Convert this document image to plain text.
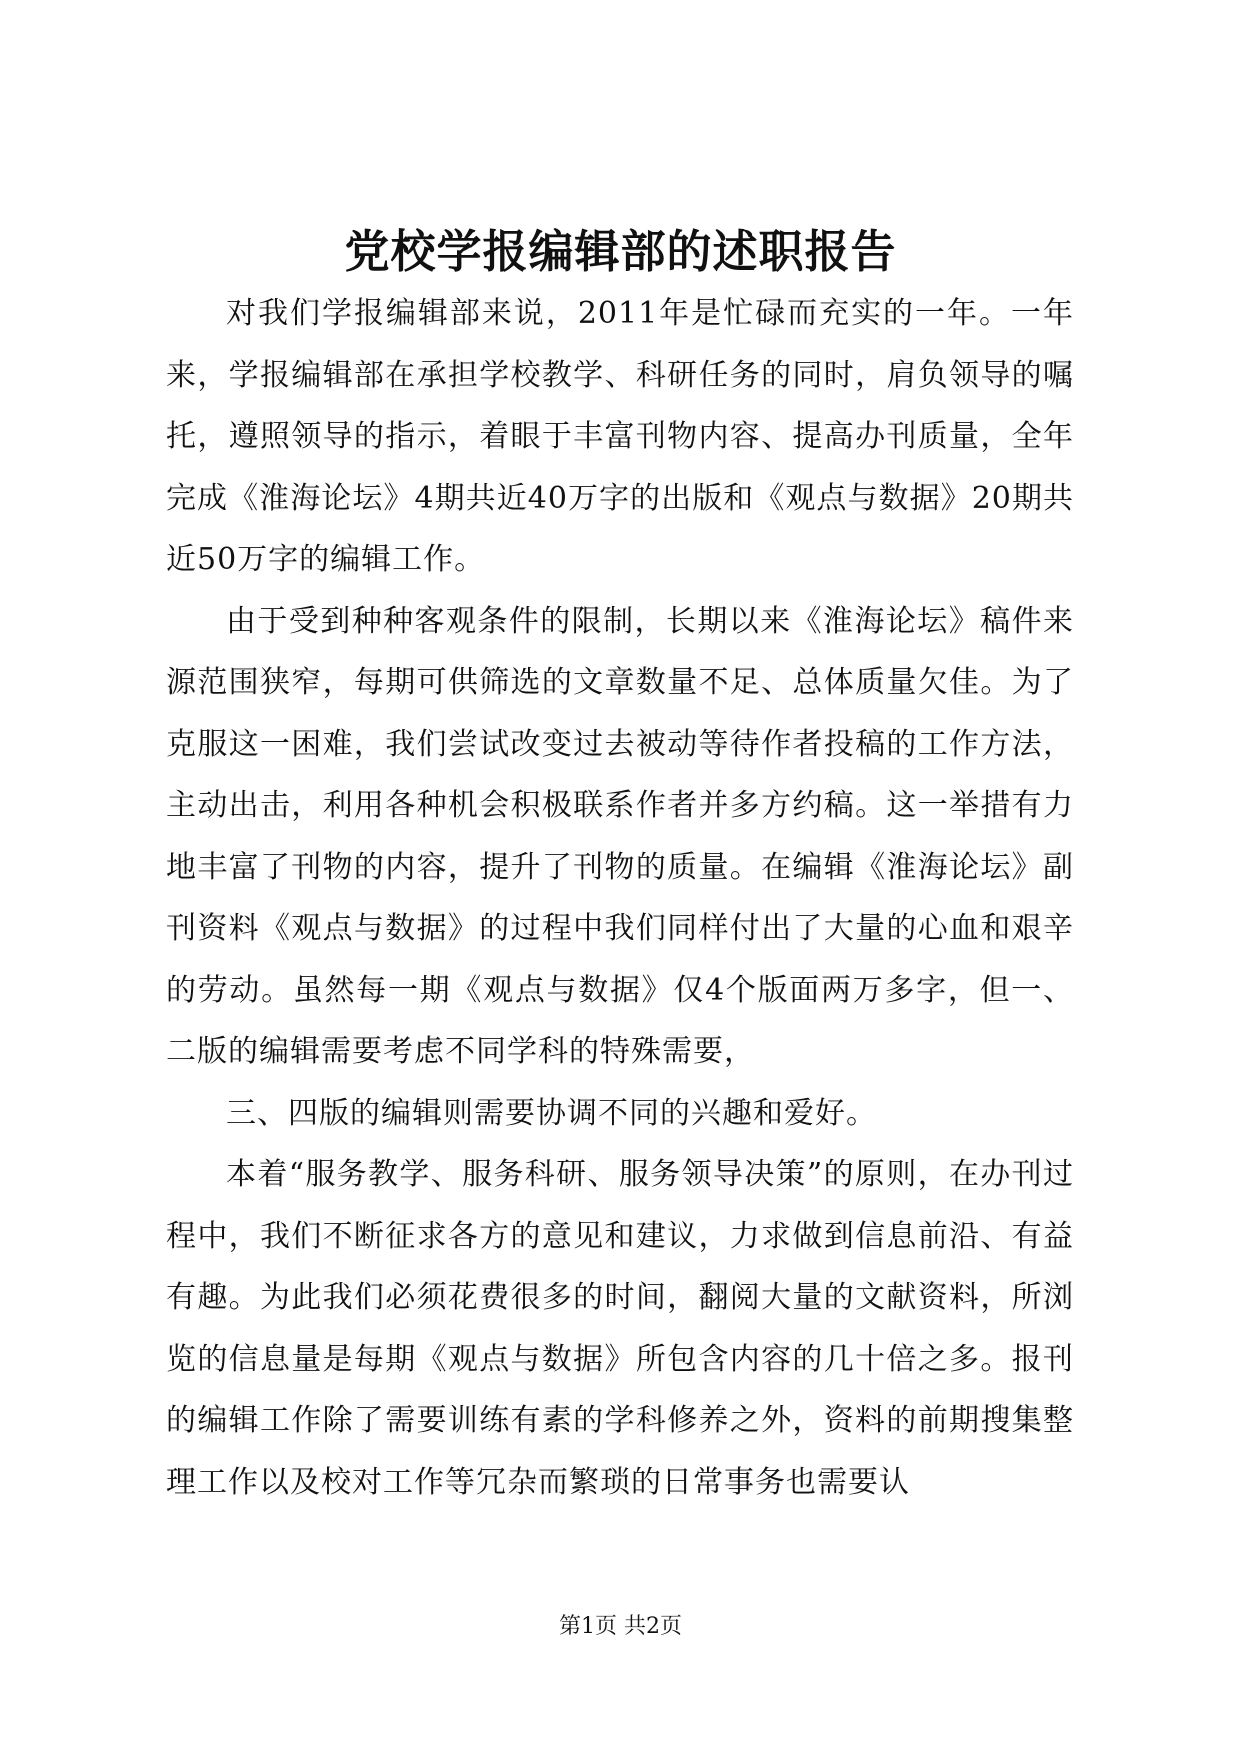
党校学报编辑部的述职报告

对我们学报编辑部来说，2011年是忙碌而充实的一年。一年来，学报编辑部在承担学校教学、科研任务的同时，肩负领导的嘱托，遵照领导的指示，着眼于丰富刊物内容、提高办刊质量，全年完成《淮海论坛》4期共近40万字的出版和《观点与数据》20期共近50万字的编辑工作。

由于受到种种客观条件的限制，长期以来《淮海论坛》稿件来源范围狭窄，每期可供筛选的文章数量不足、总体质量欠佳。为了克服这一困难，我们尝试改变过去被动等待作者投稿的工作方法，主动出击，利用各种机会积极联系作者并多方约稿。这一举措有力地丰富了刊物的内容，提升了刊物的质量。在编辑《淮海论坛》副刊资料《观点与数据》的过程中我们同样付出了大量的心血和艰辛的劳动。虽然每一期《观点与数据》仅4个版面两万多字，但一、二版的编辑需要考虑不同学科的特殊需要，

三、四版的编辑则需要协调不同的兴趣和爱好。

本着“服务教学、服务科研、服务领导决策”的原则，在办刊过程中，我们不断征求各方的意见和建议，力求做到信息前沿、有益有趣。为此我们必须花费很多的时间，翻阅大量的文献资料，所浏览的信息量是每期《观点与数据》所包含内容的几十倍之多。报刊的编辑工作除了需要训练有素的学科修养之外，资料的前期搜集整理工作以及校对工作等冗杂而繁琐的日常事务也需要认

第1页 共2页
